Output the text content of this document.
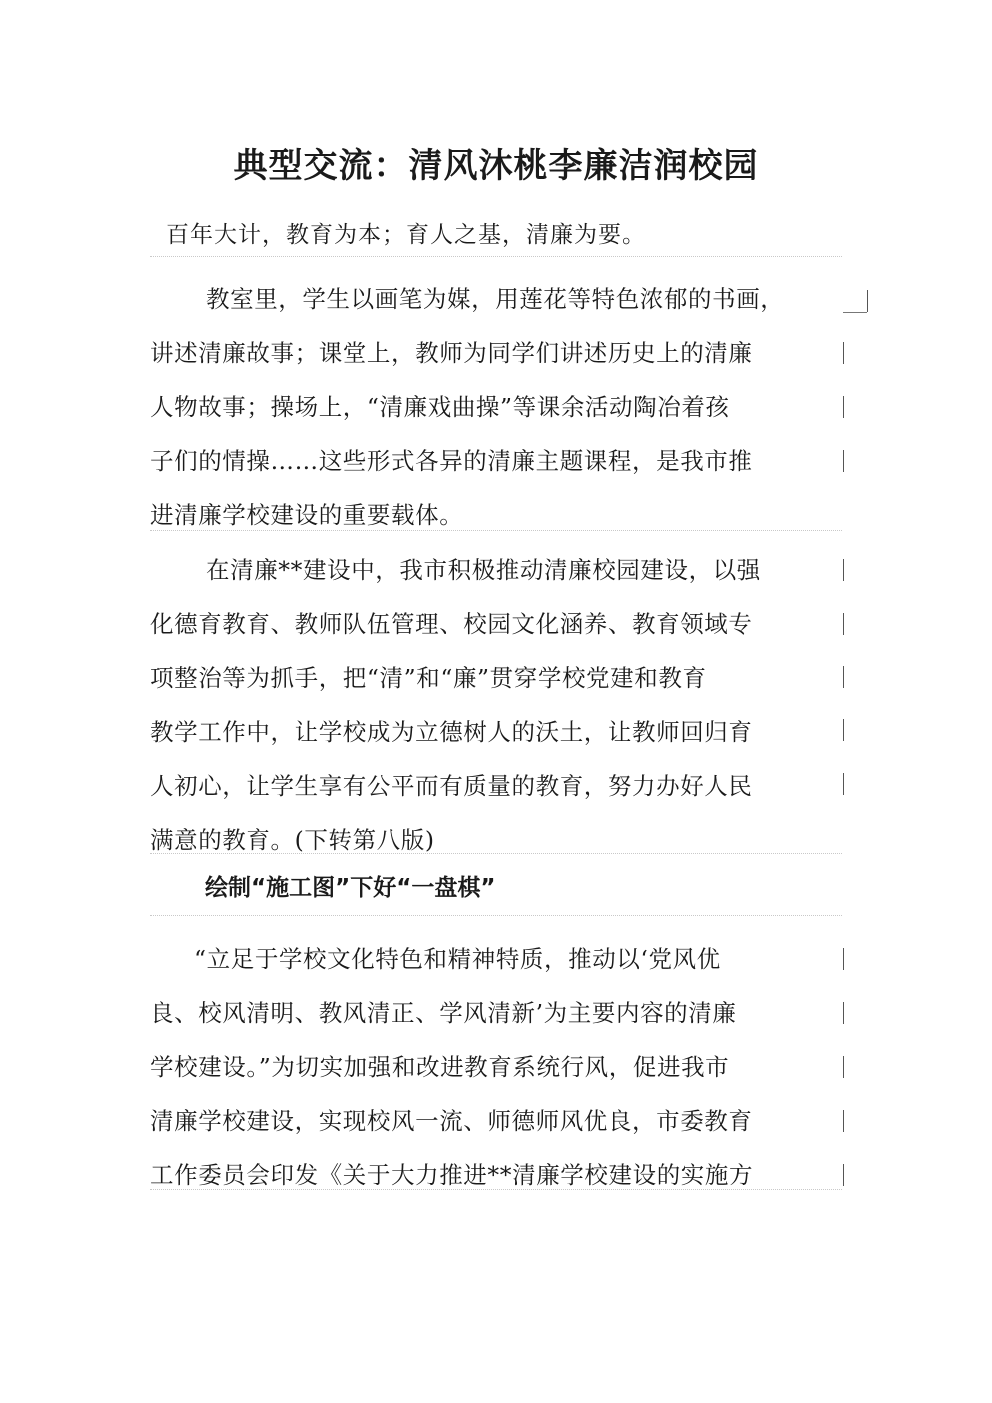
典型交流：清风沐桃李廉洁润校园
百年大计，教育为本；育人之基，清廉为要。
教室里，学生以画笔为媒，用莲花等特色浓郁的书画，
讲述清廉故事；课堂上，教师为同学们讲述历史上的清廉
人物故事；操场上，“清廉戏曲操”等课余活动陶冶着孩
子们的情操……这些形式各异的清廉主题课程，是我市推
进清廉学校建设的重要载体。
在清廉**建设中，我市积极推动清廉校园建设，以强
化德育教育、教师队伍管理、校园文化涵养、教育领域专
项整治等为抓手，把“清”和“廉”贯穿学校党建和教育
教学工作中，让学校成为立德树人的沃土，让教师回归育
人初心，让学生享有公平而有质量的教育，努力办好人民
满意的教育。(下转第八版)
绘制“施工图”下好“一盘棋”
“立足于学校文化特色和精神特质，推动以‘党风优
良、校风清明、教风清正、学风清新’为主要内容的清廉
学校建设。”为切实加强和改进教育系统行风，促进我市
清廉学校建设，实现校风一流、师德师风优良，市委教育
工作委员会印发《关于大力推进**清廉学校建设的实施方
